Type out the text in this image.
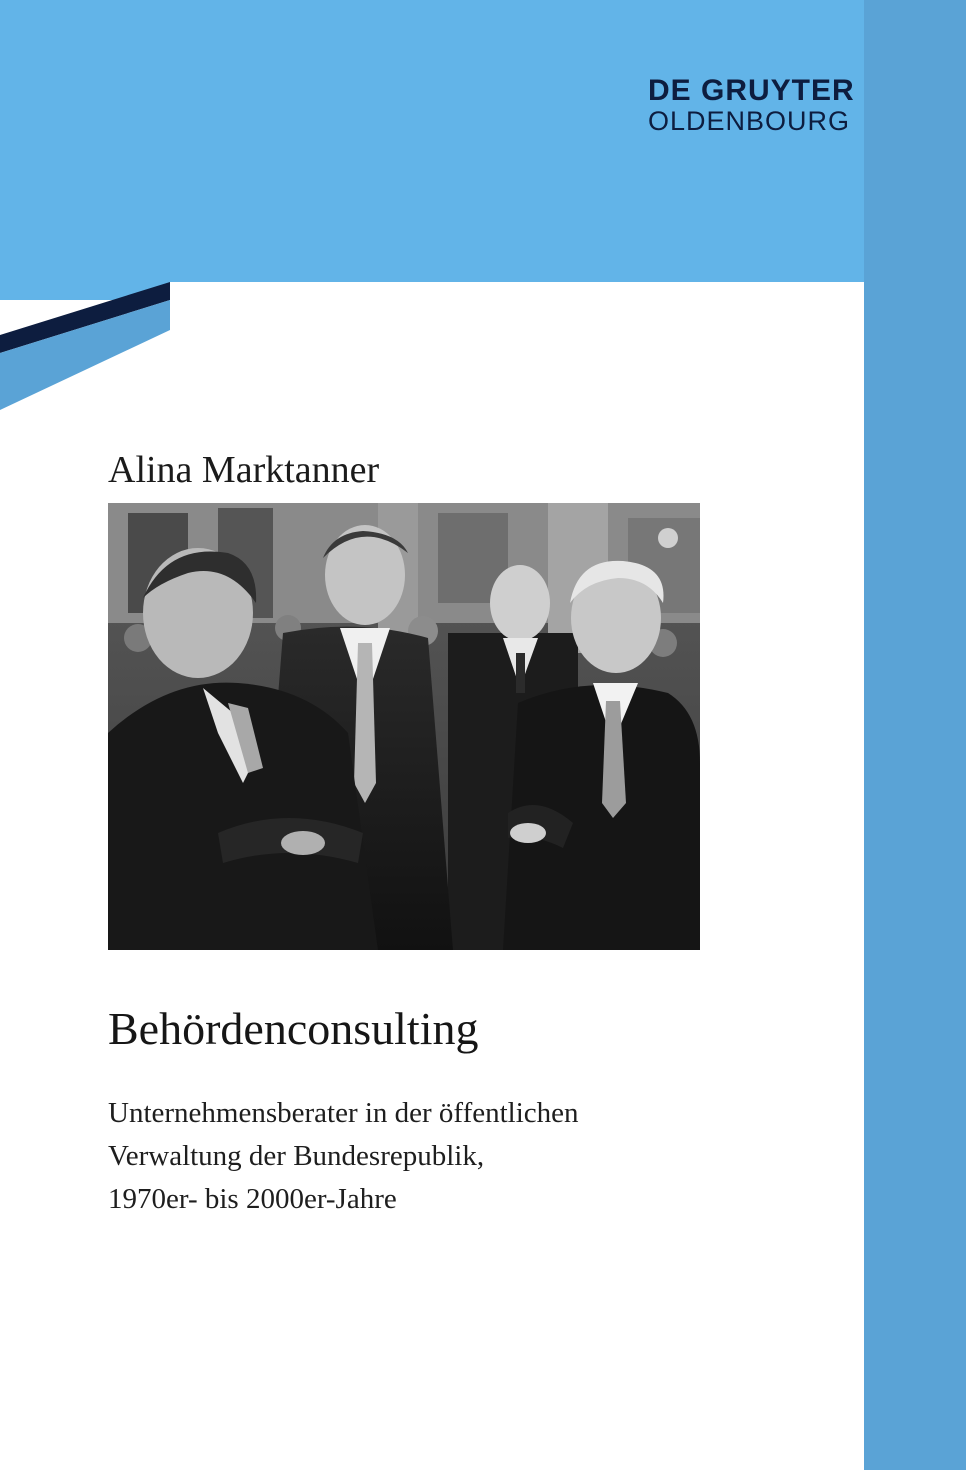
DE GRUYTER
OLDENBOURG
Alina Marktanner
Behördenconsulting
Unternehmensberater in der öffentlichen
Verwaltung der Bundesrepublik,
1970er- bis 2000er-Jahre
